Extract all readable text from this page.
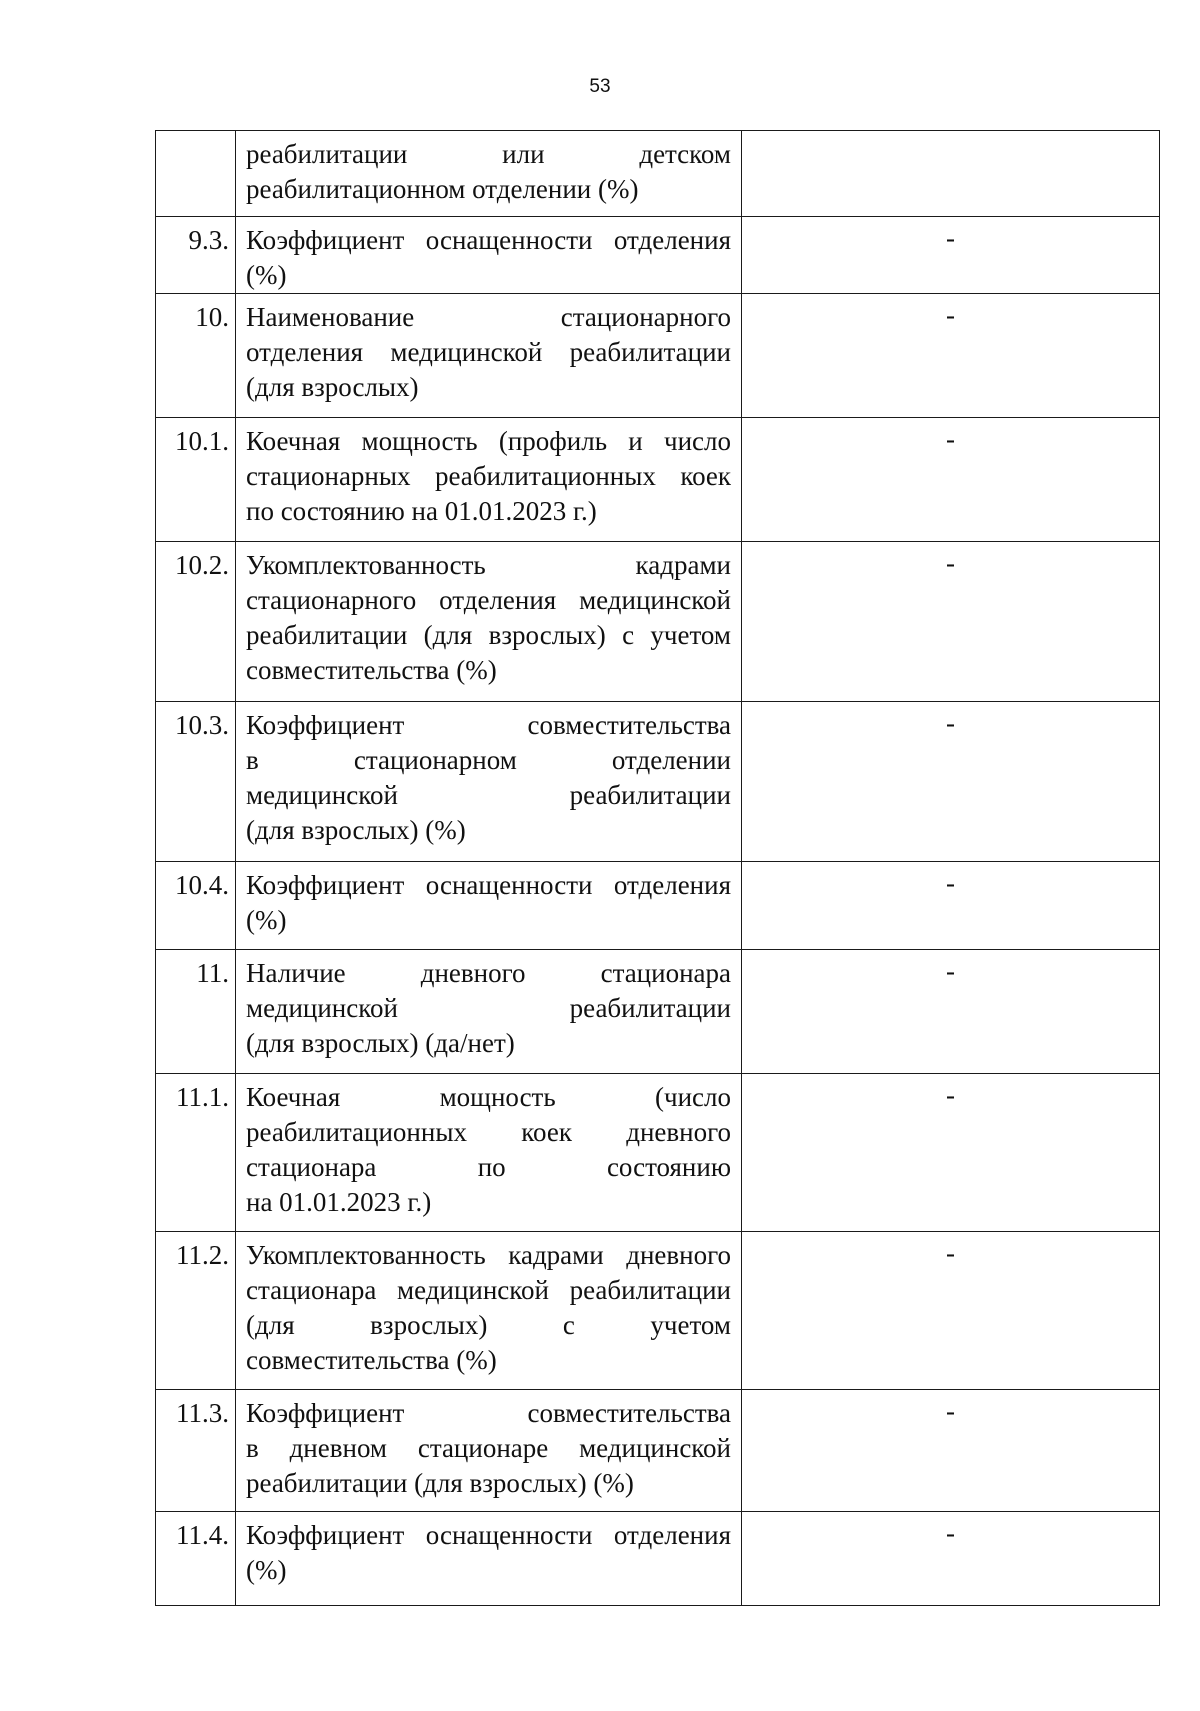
53

	реабилитации или детском
реабилитационном отделении (%)	

9.3.	Коэффициент оснащенности отделения
(%)	-
10.	Наименование стационарного
отделения медицинской реабилитации
(для взрослых)	-
10.1.	Коечная мощность (профиль и число
стационарных реабилитационных коек
по состоянию на 01.01.2023 г.)	-
10.2.	Укомплектованность кадрами
стационарного отделения медицинской
реабилитации (для взрослых) с учетом
совместительства (%)	-
10.3.	Коэффициент совместительства
в стационарном отделении
медицинской реабилитации
(для взрослых) (%)	-
10.4.	Коэффициент оснащенности отделения
(%)	-
11.	Наличие дневного стационара
медицинской реабилитации
(для взрослых) (да/нет)	-
11.1.	Коечная мощность (число
реабилитационных коек дневного
стационара по состоянию
на 01.01.2023 г.)	-
11.2.	Укомплектованность кадрами дневного
стационара медицинской реабилитации
(для взрослых) с учетом
совместительства (%)	-
11.3.	Коэффициент совместительства
в дневном стационаре медицинской
реабилитации (для взрослых) (%)	-
11.4.	Коэффициент оснащенности отделения
(%)	-
